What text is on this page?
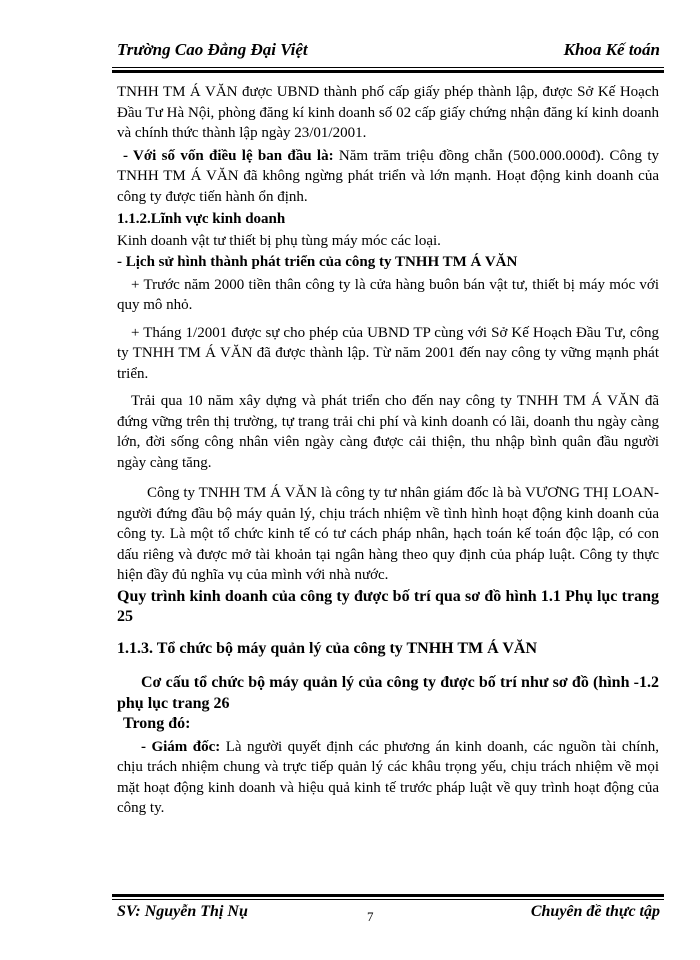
Trường Cao Đẳng Đại Việt	Khoa Kế toán

TNHH TM Á VĂN được UBND thành phố cấp giấy phép thành lập, được Sở Kế Hoạch Đầu Tư Hà Nội, phòng đăng kí kinh doanh số 02 cấp giấy chứng nhận đăng kí kinh doanh và chính thức thành lập ngày 23/01/2001.

- Với số vốn điều lệ ban đầu là: Năm trăm triệu đồng chẵn (500.000.000đ). Công ty TNHH TM Á VĂN đã không ngừng phát triển và lớn mạnh. Hoạt động kinh doanh của công ty được tiến hành ổn định.

1.1.2.Lĩnh vực kinh doanh

Kinh doanh vật tư thiết bị phụ tùng máy móc các loại.

- Lịch sử hình thành phát triển của công ty TNHH TM Á VĂN

+ Trước năm 2000 tiền thân công ty là cửa hàng buôn bán vật tư, thiết bị máy móc với quy mô nhỏ.

+ Tháng 1/2001 được sự cho phép của UBND TP cùng với Sở Kế Hoạch Đầu Tư, công ty TNHH TM Á VĂN đã được thành lập. Từ năm 2001 đến nay công ty vững mạnh phát triển.

Trải qua 10 năm xây dựng và phát triển cho đến nay công ty TNHH TM Á VĂN đã đứng vững trên thị trường, tự trang trải chi phí và kinh doanh có lãi, doanh thu ngày càng lớn, đời sống công nhân viên ngày càng được cải thiện, thu nhập bình quân đầu người ngày càng tăng.

Công ty TNHH TM Á VĂN là công ty tư nhân giám đốc là bà VƯƠNG THỊ LOAN- người đứng đầu bộ máy quản lý, chịu trách nhiệm về tình hình hoạt động kinh doanh của công ty. Là một tổ chức kinh tế có tư cách pháp nhân, hạch toán kế toán độc lập, có con dấu riêng và được mở tài khoản tại ngân hàng theo quy định của pháp luật. Công ty thực hiện đầy đủ nghĩa vụ của mình với nhà nước.

Quy trình kinh doanh của công ty được bố trí qua sơ đồ hình 1.1 Phụ lục trang 25

1.1.3. Tổ chức bộ máy quản lý của công ty TNHH TM Á VĂN

Cơ cấu tổ chức bộ máy quản lý của công ty được bố trí như sơ đồ (hình -1.2 phụ lục trang 26

Trong đó:

- Giám đốc: Là người quyết định các phương án kinh doanh, các nguồn tài chính, chịu trách nhiệm chung và trực tiếp quản lý các khâu trọng yếu, chịu trách nhiệm về mọi mặt hoạt động kinh doanh và hiệu quả kinh tế trước pháp luật về quy trình hoạt động của công ty.

SV: Nguyễn Thị Nụ	7	Chuyên đề thực tập
